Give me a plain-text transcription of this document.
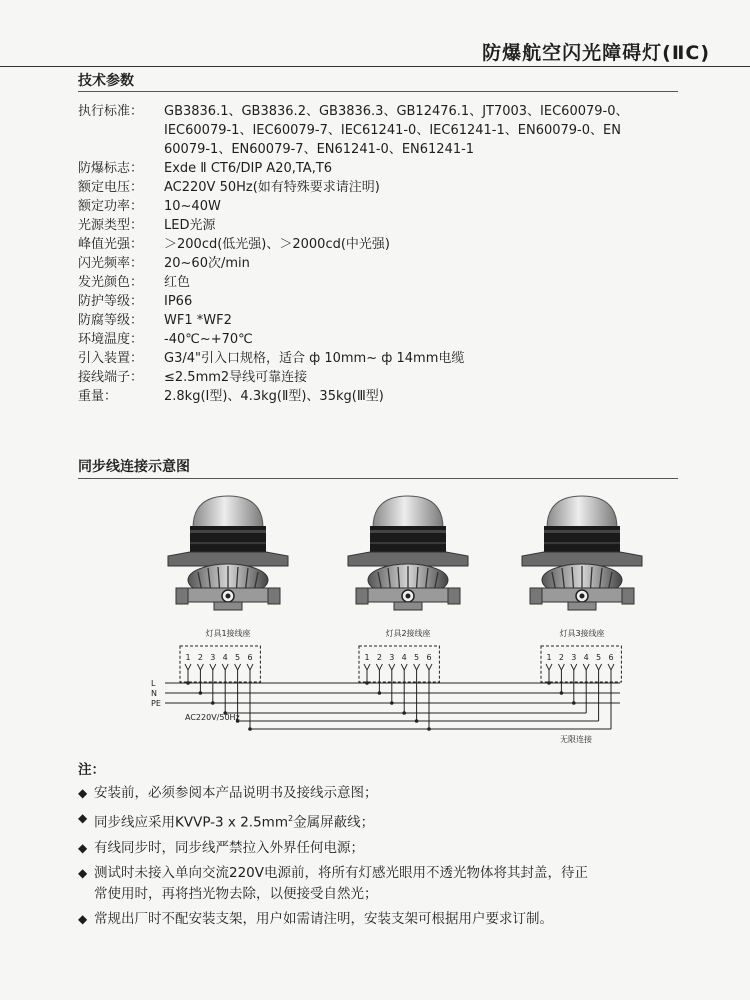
防爆航空闪光障碍灯(ⅡC)
技术参数
执行标准：	GB3836.1、GB3836.2、GB3836.3、GB12476.1、JT7003、IEC60079-0、
IEC60079-1、IEC60079-7、IEC61241-0、IEC61241-1、EN60079-0、EN
60079-1、EN60079-7、EN61241-0、EN61241-1
防爆标志：	Exde Ⅱ CT6/DIP A20,TA,T6
额定电压：	AC220V 50Hz(如有特殊要求请注明)
额定功率：	10~40W
光源类型：	LED光源
峰值光强：	＞200cd(低光强)、＞2000cd(中光强)
闪光频率：	20~60次/min
发光颜色：	红色
防护等级：	IP66
防腐等级：	WF1 *WF2
环境温度：	-40℃~+70℃
引入装置：	G3/4"引入口规格，适合 ф 10mm~ ф 14mm电缆
接线端子：	≤2.5mm2导线可靠连接
重量：	2.8kg(Ⅰ型)、4.3kg(Ⅱ型)、35kg(Ⅲ型)
同步线连接示意图
灯具1接线座	灯具2接线座	灯具3接线座
1 2 3 4 5 6	1 2 3 4 5 6	1 2 3 4 5 6
L
N
PE
AC220V/50Hz
无限连接
注：
◆ 安装前，必须参阅本产品说明书及接线示意图；
◆ 同步线应采用KVVP-3 x $2.5mm^2$金属屏蔽线；
◆ 有线同步时，同步线严禁拉入外界任何电源；
◆ 测试时未接入单向交流220V电源前，将所有灯感光眼用不透光物体将其封盖，待正
常使用时，再将挡光物去除，以便接受自然光；
◆ 常规出厂时不配安装支架，用户如需请注明，安装支架可根据用户要求订制。
